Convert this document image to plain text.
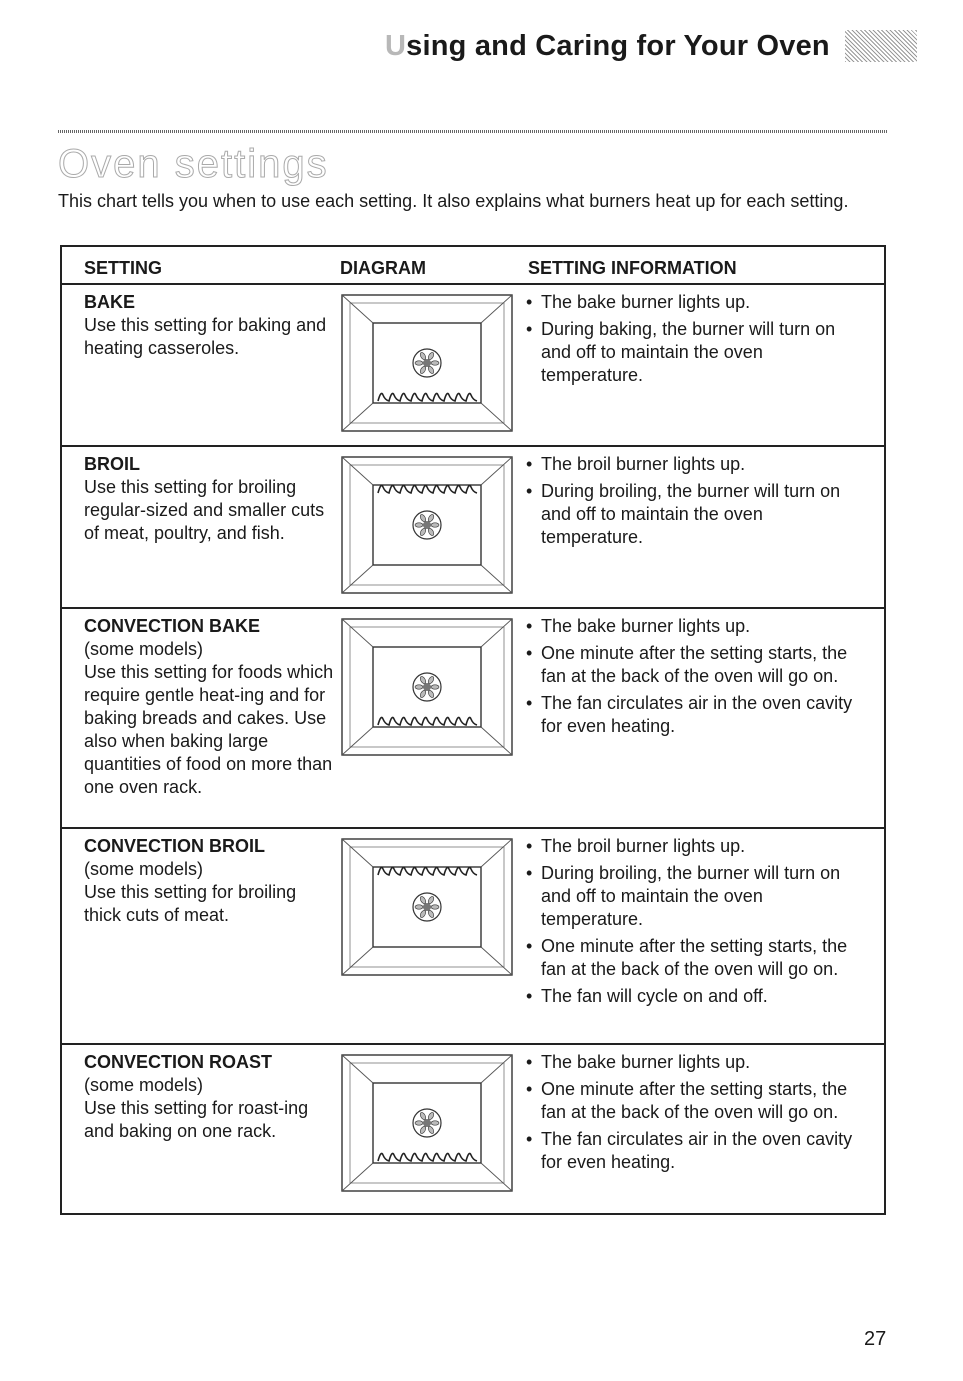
Using and Caring for Your Oven
Oven settings
This chart tells you when to use each setting. It also explains what burners heat up for each setting.
SETTING	DIAGRAM	SETTING INFORMATION
BAKE
Use this setting for baking and heating casseroles.
• The bake burner lights up.
• During baking, the burner will turn on and off to maintain the oven temperature.
BROIL
Use this setting for broiling regular-sized and smaller cuts of meat, poultry, and fish.
• The broil burner lights up.
• During broiling, the burner will turn on and off to maintain the oven temperature.
CONVECTION BAKE
(some models)
Use this setting for foods which require gentle heat-ing and for baking breads and cakes. Use also when baking large quantities of food on more than one oven rack.
• The bake burner lights up.
• One minute after the setting starts, the fan at the back of the oven will go on.
• The fan circulates air in the oven cavity for even heating.
CONVECTION BROIL
(some models)
Use this setting for broiling thick cuts of meat.
• The broil burner lights up.
• During broiling, the burner will turn on and off to maintain the oven temperature.
• One minute after the setting starts, the fan at the back of the oven will go on.
• The fan will cycle on and off.
CONVECTION ROAST
(some models)
Use this setting for roast-ing and baking on one rack.
• The bake burner lights up.
• One minute after the setting starts, the fan at the back of the oven will go on.
• The fan circulates air in the oven cavity for even heating.
27
